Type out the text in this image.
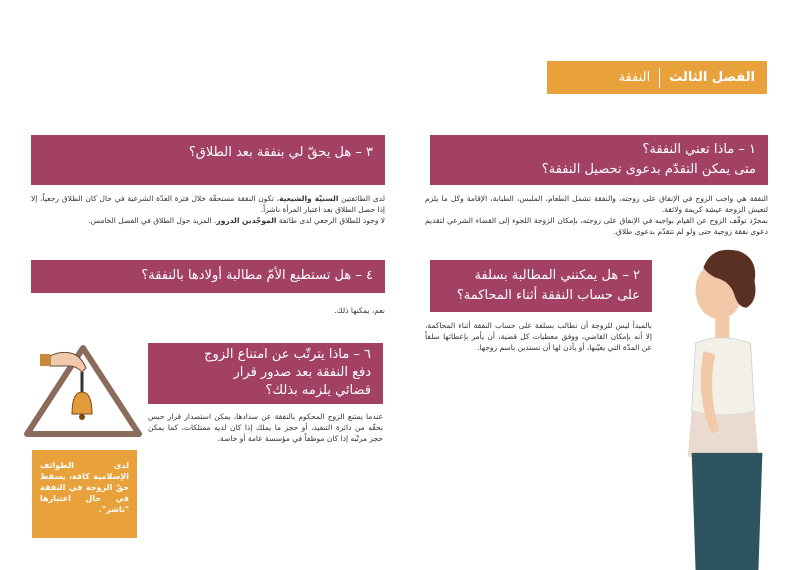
الفصل الثالث
النفقة
١ – ماذا تعني النفقة؟
متى يمكن التقدّم بدعوى تحصيل النفقة؟

النفقة هي واجب الزوج في الإنفاق على زوجته، والنفقة تشمل الطعام، الملبس، الطبابة، الإقامة وكل ما يلزم لتعيش الزوجة عيشة كريمة ولائقة.

بمجرّد توقّف الزوج عن القيام بواجبه في الإنفاق على زوجته، بإمكان الزوجة اللجوء إلى القضاء الشرعي لتقديم دعوى نفقة زوجية حتى ولو لم تتقدّم بدعوى طلاق.

٢ – هل يمكنني المطالبة بسلفة
على حساب النفقة أثناء المحاكمة؟

بالمبدأ ليس للزوجة أن تطالب بسلفة على حساب النفقة أثناء المحاكمة، إلا أنه بإمكان القاضي، ووفق معطيات كل قضية، أن يأمر بإعطائها سلفاً عن المدّة التي يعيّنها، أو يأذن لها أن تستدين باسم زوجها.

٣ – هل يحقّ لي بنفقة بعد الطلاق؟

لدى الطائفتين السنيّة والشيعية، تكون النفقة مستحقّة خلال فترة العدّة الشرعية في حال كان الطلاق رجعياً، إلا إذا حصل الطلاق بعد اعتبار المرأة ناشزاً.

لا وجود للطلاق الرجعي لدى طائفة الموحّدين الدروز. المزيد حول الطلاق في الفصل الخامس.

٤ – هل تستطيع الأمّ مطالبة أولادها بالنفقة؟

نعم، يمكنها ذلك.

٦ – ماذا يترتّب عن امتناع الزوج
دفع النفقة بعد صدور قرار
قضائي يلزمه بذلك؟

عندما يمتنع الزوج المحكوم بالنفقة عن سدادها، يمكن استصدار قرار حبس بحقّه من دائرة التنفيذ، أو حجز ما يملك إذا كان لديه ممتلكات، كما يمكن حجز مرتّبه إذا كان موظفاً في مؤسسة عامة أو خاصة.

لدى الطوائف الإسلامية كافة، يسقط حقّ الزوجة في النفقة في حال اعتبارها "ناشز".
